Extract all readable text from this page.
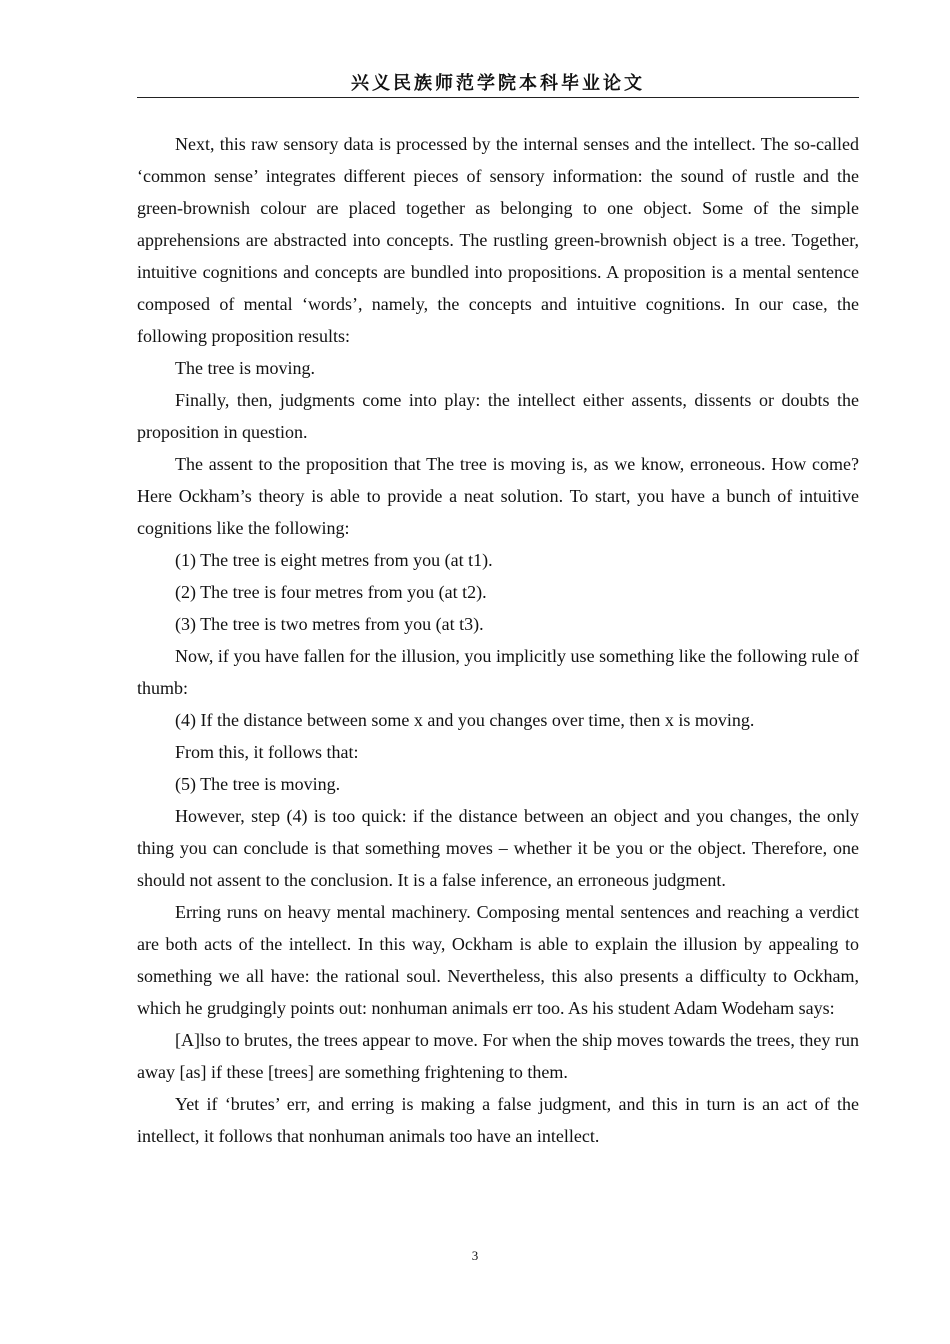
兴义民族师范学院本科毕业论文

Next, this raw sensory data is processed by the internal senses and the intellect. The so-called ‘common sense’ integrates different pieces of sensory information: the sound of rustle and the green-brownish colour are placed together as belonging to one object. Some of the simple apprehensions are abstracted into concepts. The rustling green-brownish object is a tree. Together, intuitive cognitions and concepts are bundled into propositions. A proposition is a mental sentence composed of mental ‘words’, namely, the concepts and intuitive cognitions. In our case, the following proposition results:

The tree is moving.

Finally, then, judgments come into play: the intellect either assents, dissents or doubts the proposition in question.

The assent to the proposition that The tree is moving is, as we know, erroneous. How come? Here Ockham’s theory is able to provide a neat solution. To start, you have a bunch of intuitive cognitions like the following:

(1) The tree is eight metres from you (at t1).

(2) The tree is four metres from you (at t2).

(3) The tree is two metres from you (at t3).

Now, if you have fallen for the illusion, you implicitly use something like the following rule of thumb:

(4) If the distance between some x and you changes over time, then x is moving.

From this, it follows that:

(5) The tree is moving.

However, step (4) is too quick: if the distance between an object and you changes, the only thing you can conclude is that something moves – whether it be you or the object. Therefore, one should not assent to the conclusion. It is a false inference, an erroneous judgment.

Erring runs on heavy mental machinery. Composing mental sentences and reaching a verdict are both acts of the intellect. In this way, Ockham is able to explain the illusion by appealing to something we all have: the rational soul. Nevertheless, this also presents a difficulty to Ockham, which he grudgingly points out: nonhuman animals err too. As his student Adam Wodeham says:

[A]lso to brutes, the trees appear to move. For when the ship moves towards the trees, they run away [as] if these [trees] are something frightening to them.

Yet if ‘brutes’ err, and erring is making a false judgment, and this in turn is an act of the intellect, it follows that nonhuman animals too have an intellect.

3
